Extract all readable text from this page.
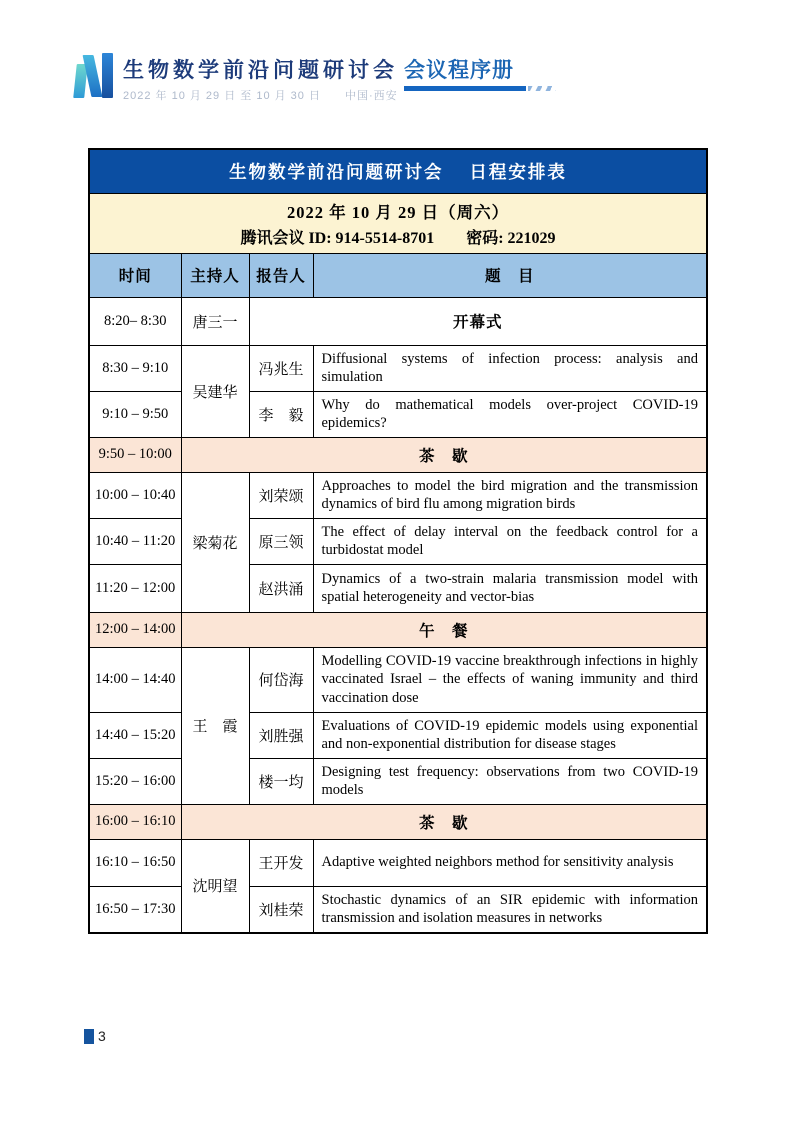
生物数学前沿问题研讨会 会议程序册
2022 年 10 月 29 日 至 10 月 30 日　　中国·西安
生物数学前沿问题研讨会　 日程安排表			

2022 年 10 月 29 日（周六）
腾讯会议 ID: 914-5514-8701　　密码: 221029			

时间	主持人	报告人	题　目
8:20– 8:30	唐三一	开幕式	
8:30 – 9:10	吴建华	冯兆生	Diffusional systems of infection process: analysis and simulation
9:10 – 9:50		李　毅	Why do mathematical models over-project COVID-19 epidemics?
9:50 – 10:00	茶　歇		
10:00 – 10:40	梁菊花	刘荣颂	Approaches to model the bird migration and the transmission dynamics of bird flu among migration birds
10:40 – 11:20		原三领	The effect of delay interval on the feedback control for a turbidostat model
11:20 – 12:00		赵洪涌	Dynamics of a two-strain malaria transmission model with spatial heterogeneity and vector-bias
12:00 – 14:00	午　餐		
14:00 – 14:40	王　霞	何岱海	Modelling COVID-19 vaccine breakthrough infections in highly vaccinated Israel – the effects of waning immunity and third vaccination dose
14:40 – 15:20		刘胜强	Evaluations of COVID-19 epidemic models using exponential and non-exponential distribution for disease stages
15:20 – 16:00		楼一均	Designing test frequency: observations from two COVID-19 models
16:00 – 16:10	茶　歇		
16:10 – 16:50	沈明望	王开发	Adaptive weighted neighbors method for sensitivity analysis
16:50 – 17:30		刘桂荣	Stochastic dynamics of an SIR epidemic with information transmission and isolation measures in networks
3
